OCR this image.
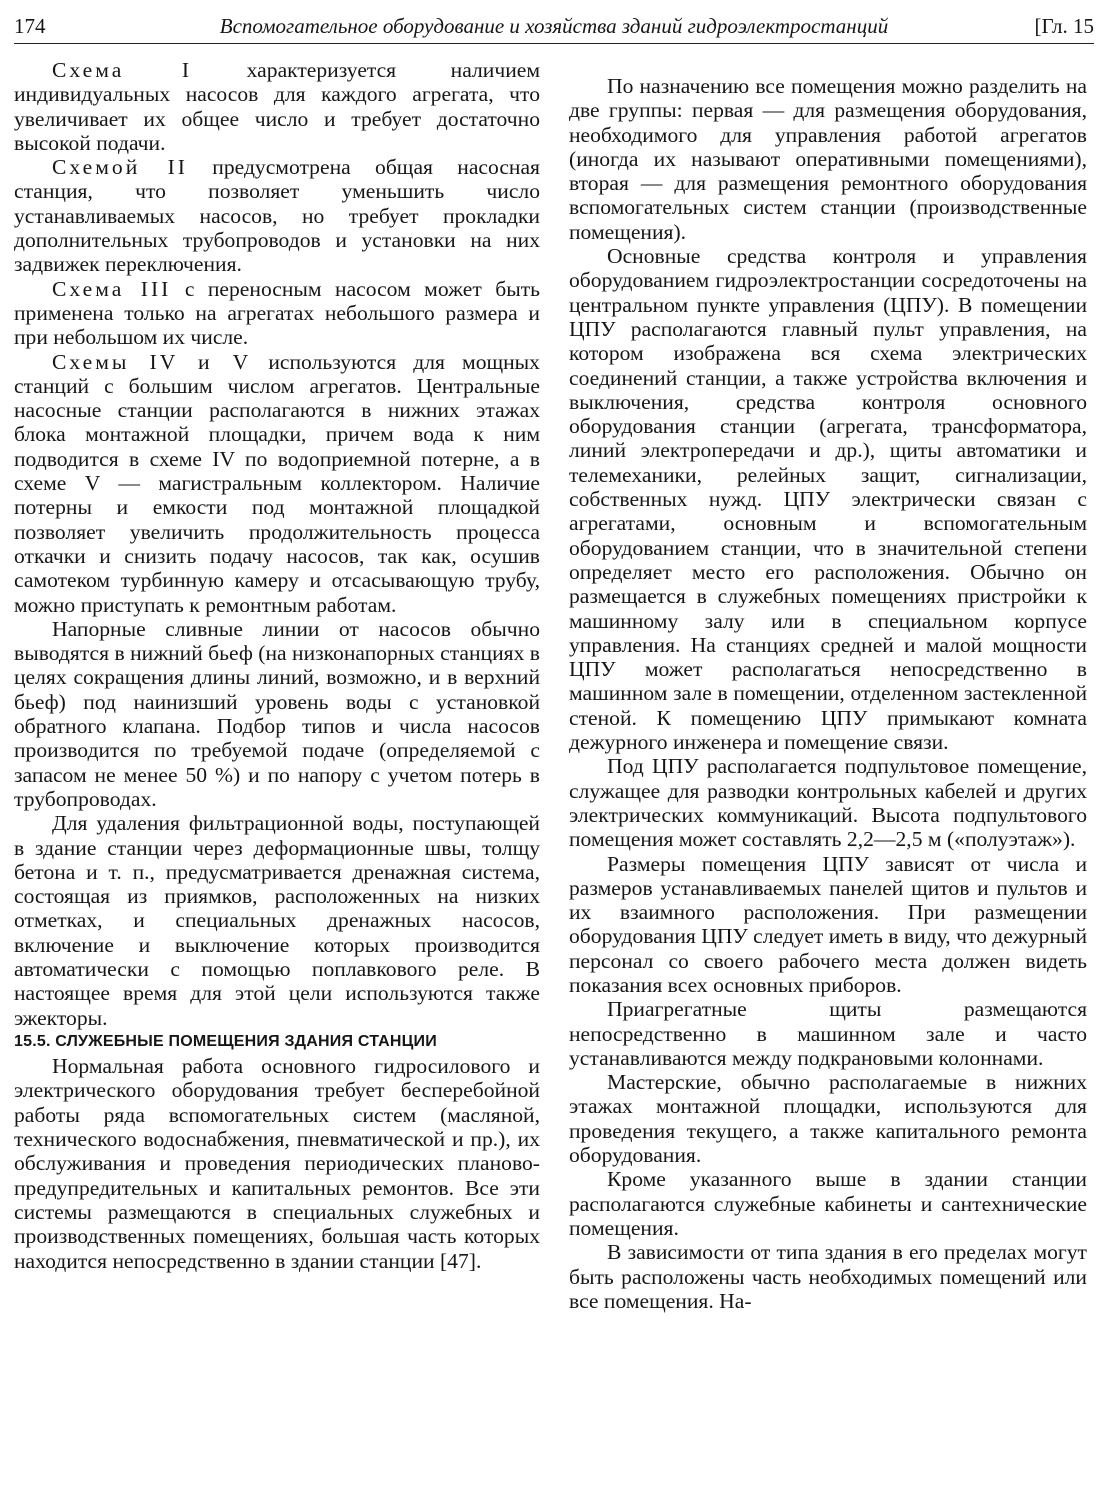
174	Вспомогательное оборудование и хозяйства зданий гидроэлектростанций	[Гл. 15

Схема I характеризуется наличием индивидуальных насосов для каждого агрегата, что увеличивает их общее число и требует достаточно высокой подачи.

Схемой II предусмотрена общая насосная станция, что позволяет уменьшить число устанавливаемых насосов, но требует прокладки дополнительных трубопроводов и установки на них задвижек переключения.

Схема III с переносным насосом может быть применена только на агрегатах небольшого размера и при небольшом их числе.

Схемы IV и V используются для мощных станций с большим числом агрегатов. Центральные насосные станции располагаются в нижних этажах блока монтажной площадки, причем вода к ним подводится в схеме IV по водоприемной потерне, а в схеме V — магистральным коллектором. Наличие потерны и емкости под монтажной площадкой позволяет увеличить продолжительность процесса откачки и снизить подачу насосов, так как, осушив самотеком турбинную камеру и отсасывающую трубу, можно приступать к ремонтным работам.

Напорные сливные линии от насосов обычно выводятся в нижний бьеф (на низконапорных станциях в целях сокращения длины линий, возможно, и в верхний бьеф) под наинизший уровень воды с установкой обратного клапана. Подбор типов и числа насосов производится по требуемой подаче (определяемой с запасом не менее 50 %) и по напору с учетом потерь в трубопроводах.

Для удаления фильтрационной воды, поступающей в здание станции через деформационные швы, толщу бетона и т. п., предусматривается дренажная система, состоящая из приямков, расположенных на низких отметках, и специальных дренажных насосов, включение и выключение которых производится автоматически с помощью поплавкового реле. В настоящее время для этой цели используются также эжекторы.

15.5. СЛУЖЕБНЫЕ ПОМЕЩЕНИЯ ЗДАНИЯ СТАНЦИИ

Нормальная работа основного гидросилового и электрического оборудования требует бесперебойной работы ряда вспомогательных систем (масляной, технического водоснабжения, пневматической и пр.), их обслуживания и проведения периодических планово-предупредительных и капитальных ремонтов. Все эти системы размещаются в специальных служебных и производственных помещениях, большая часть которых находится непосредственно в здании станции [47].

По назначению все помещения можно разделить на две группы: первая — для размещения оборудования, необходимого для управления работой агрегатов (иногда их называют оперативными помещениями), вторая — для размещения ремонтного оборудования вспомогательных систем станции (производственные помещения).

Основные средства контроля и управления оборудованием гидроэлектростанции сосредоточены на центральном пункте управления (ЦПУ). В помещении ЦПУ располагаются главный пульт управления, на котором изображена вся схема электрических соединений станции, а также устройства включения и выключения, средства контроля основного оборудования станции (агрегата, трансформатора, линий электропередачи и др.), щиты автоматики и телемеханики, релейных защит, сигнализации, собственных нужд. ЦПУ электрически связан с агрегатами, основным и вспомогательным оборудованием станции, что в значительной степени определяет место его расположения. Обычно он размещается в служебных помещениях пристройки к машинному залу или в специальном корпусе управления. На станциях средней и малой мощности ЦПУ может располагаться непосредственно в машинном зале в помещении, отделенном застекленной стеной. К помещению ЦПУ примыкают комната дежурного инженера и помещение связи.

Под ЦПУ располагается подпультовое помещение, служащее для разводки контрольных кабелей и других электрических коммуникаций. Высота подпультового помещения может составлять 2,2—2,5 м («полуэтаж»).

Размеры помещения ЦПУ зависят от числа и размеров устанавливаемых панелей щитов и пультов и их взаимного расположения. При размещении оборудования ЦПУ следует иметь в виду, что дежурный персонал со своего рабочего места должен видеть показания всех основных приборов.

Приагрегатные щиты размещаются непосредственно в машинном зале и часто устанавливаются между подкрановыми колоннами.

Мастерские, обычно располагаемые в нижних этажах монтажной площадки, используются для проведения текущего, а также капитального ремонта оборудования.

Кроме указанного выше в здании станции располагаются служебные кабинеты и сантехнические помещения.

В зависимости от типа здания в его пределах могут быть расположены часть необходимых помещений или все помещения. На-
